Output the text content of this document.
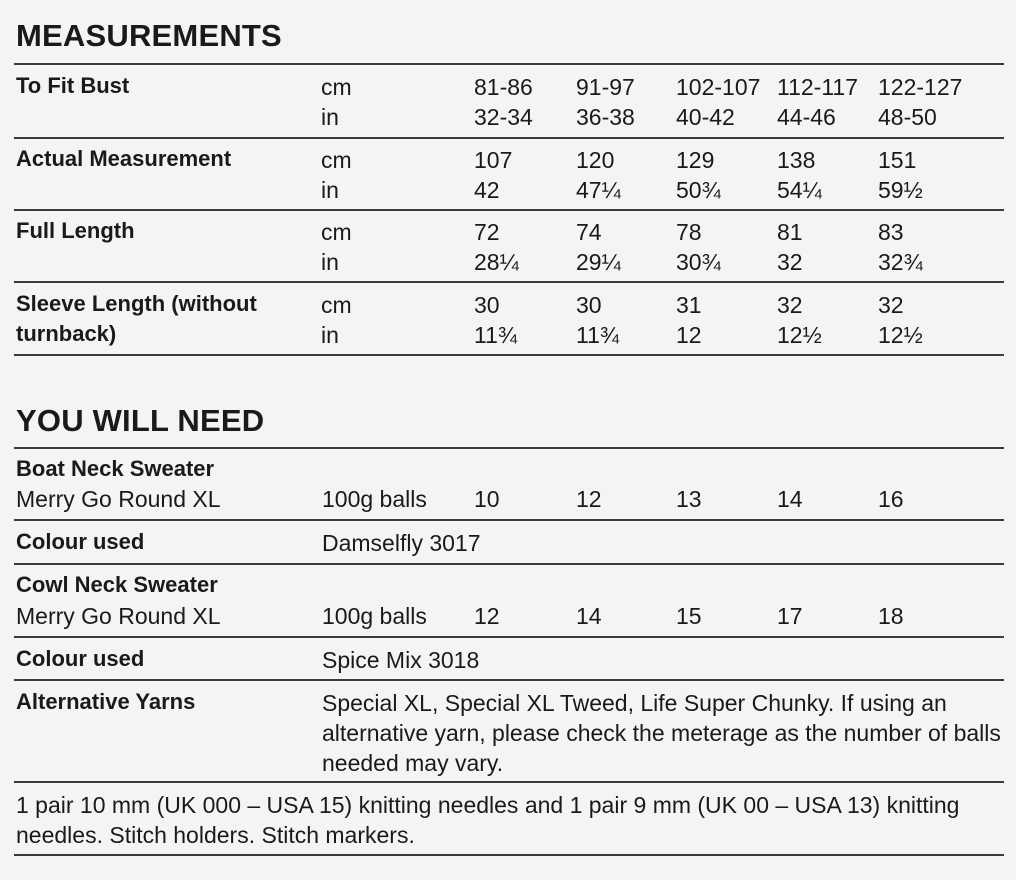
MEASUREMENTS
To Fit Bust	cm	81-86 91-97 102-107 112-117 122-127
in	32-34 36-38 40-42 44-46 48-50
Actual Measurement	cm	107	120	129	138	151
in	42	47¼ 50¾ 54¼ 59½
Full Length	cm	72	74	78	81	83
in	28¼ 29¼ 30¾ 32	32¾
Sleeve Length (without
turnback)
cm	30	30	31	32	32
in	11¾	11¾ 12	12½ 12½
YOU WILL NEED
Boat Neck Sweater
Merry Go Round XL	100g balls 10	12	13	14	16
Colour used	Damselfly 3017
Cowl Neck Sweater
Merry Go Round XL	100g balls 12	14	15	17	18
Colour used	Spice Mix 3018
Alternative Yarns	Special XL, Special XL Tweed, Life Super Chunky. If using an alternative yarn, please check the meterage as the number of balls needed may vary.
1 pair 10 mm (UK 000 – USA 15) knitting needles and 1 pair 9 mm (UK 00 – USA 13) knitting needles. Stitch holders. Stitch markers.
